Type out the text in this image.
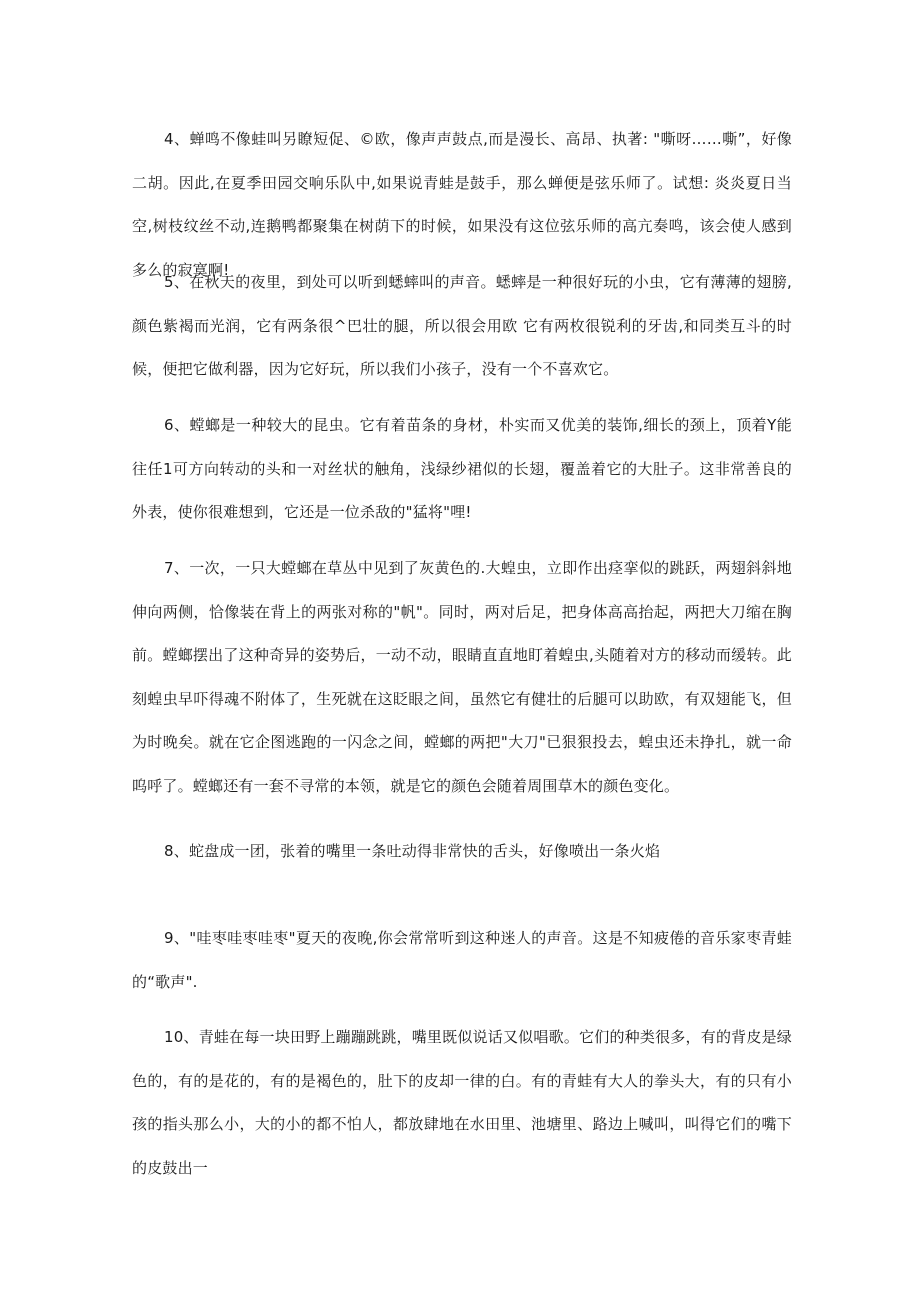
4、蝉鸣不像蛙叫另瞭短促、©欧，像声声鼓点,而是漫长、高昂、执著: "嘶呀……嘶”，好像二胡。因此,在夏季田园交响乐队中,如果说青蛙是鼓手，那么蝉便是弦乐师了。试想: 炎炎夏日当空,树枝纹丝不动,连鹅鸭都聚集在树荫下的时候，如果没有这位弦乐师的高亢奏鸣，该会使人感到多么的寂寞啊!

5、在秋天的夜里，到处可以听到蟋蟀叫的声音。蟋蟀是一种很好玩的小虫，它有薄薄的翅膀,颜色紫褐而光润，它有两条很^巴壮的腿，所以很会用欧 它有两枚很锐利的牙齿,和同类互斗的时候，便把它做利器，因为它好玩，所以我们小孩子，没有一个不喜欢它。

6、螳螂是一种较大的昆虫。它有着苗条的身材，朴实而又优美的装饰,细长的颈上，顶着Y能往任1可方向转动的头和一对丝状的触角，浅绿纱裙似的长翅，覆盖着它的大肚子。这非常善良的外表，使你很难想到，它还是一位杀敌的"猛将"哩!

7、一次，一只大螳螂在草丛中见到了灰黄色的.大蝗虫，立即作出痉挛似的跳跃，两翅斜斜地伸向两侧，恰像装在背上的两张对称的"帆"。同时，两对后足，把身体高高抬起，两把大刀缩在胸前。螳螂摆出了这种奇异的姿势后，一动不动，眼睛直直地盯着蝗虫,头随着对方的移动而缓转。此刻蝗虫早吓得魂不附体了，生死就在这眨眼之间，虽然它有健壮的后腿可以助欧，有双翅能飞，但为时晚矣。就在它企图逃跑的一闪念之间，螳螂的两把"大刀"已狠狠投去，蝗虫还未挣扎，就一命呜呼了。螳螂还有一套不寻常的本领，就是它的颜色会随着周围草木的颜色变化。

8、蛇盘成一团，张着的嘴里一条吐动得非常快的舌头，好像喷出一条火焰

9、"哇枣哇枣哇枣"夏天的夜晚,你会常常听到这种迷人的声音。这是不知疲倦的音乐家枣青蛙的“歌声".

10、青蛙在每一块田野上蹦蹦跳跳，嘴里既似说话又似唱歌。它们的种类很多，有的背皮是绿色的，有的是花的，有的是褐色的，肚下的皮却一律的白。有的青蛙有大人的拳头大，有的只有小孩的指头那么小，大的小的都不怕人，都放肆地在水田里、池塘里、路边上喊叫，叫得它们的嘴下的皮鼓出一
